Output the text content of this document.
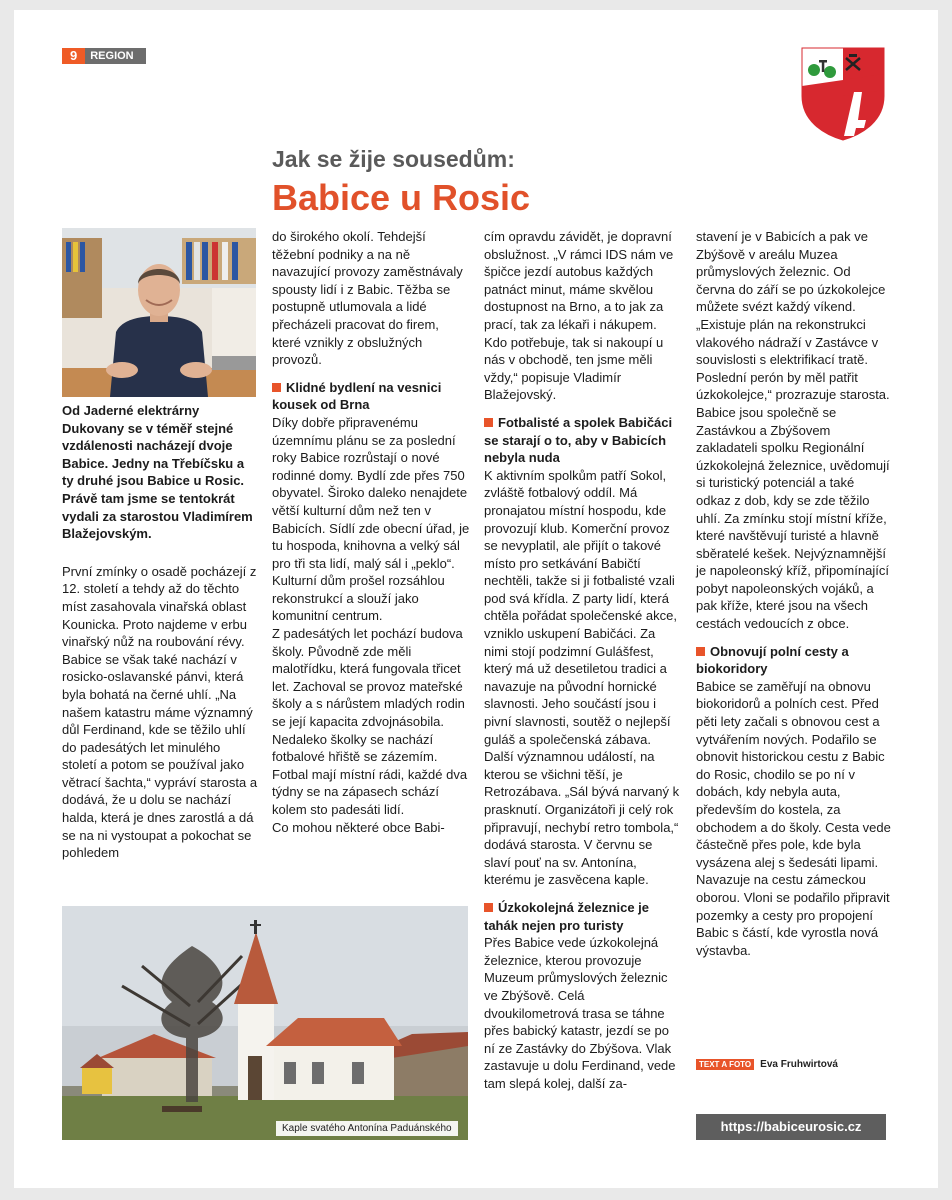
9	REGION
Jak se žije sousedům:
Babice u Rosic

Od Jaderné elektrárny Dukovany se v téměř stejné vzdálenosti nacházejí dvoje Babice. Jedny na Třebíčsku a ty druhé jsou Babice u Rosic. Právě tam jsme se tentokrát vydali za starostou Vladimírem Blažejovským.

První zmínky o osadě pocházejí z 12. století a tehdy až do těchto míst zasahovala vinařská oblast Kounicka. Proto najdeme v erbu vinařský nůž na roubování révy. Babice se však také nachází v rosicko-oslavanské pánvi, která byla bohatá na černé uhlí. „Na našem katastru máme významný důl Ferdinand, kde se těžilo uhlí do padesátých let minulého století a potom se používal jako větrací šachta,“ vypráví starosta a dodává, že u dolu se nachází halda, která je dnes zarostlá a dá se na ni vystoupat a pokochat se pohledem

do širokého okolí. Tehdejší těžební podniky a na ně navazující provozy zaměstnávaly spousty lidí i z Babic. Těžba se postupně utlumovala a lidé přecházeli pracovat do firem, které vznikly z obslužných provozů.

Klidné bydlení na vesnici kousek od Brna

Díky dobře připravenému územnímu plánu se za poslední roky Babice rozrůstají o nové rodinné domy. Bydlí zde přes 750 obyvatel. Široko daleko nenajdete větší kulturní dům než ten v Babicích. Sídlí zde obecní úřad, je tu hospoda, knihovna a velký sál pro tři sta lidí, malý sál i „peklo“. Kulturní dům prošel rozsáhlou rekonstrukcí a slouží jako komunitní centrum.

Z padesátých let pochází budova školy. Původně zde měli malotřídku, která fungovala třicet let. Zachoval se provoz mateřské školy a s nárůstem mladých rodin se její kapacita zdvojnásobila. Nedaleko školky se nachází fotbalové hřiště se zázemím. Fotbal mají místní rádi, každé dva týdny se na zápasech schází kolem sto padesáti lidí.

Co mohou některé obce Babi-

cím opravdu závidět, je dopravní obslužnost. „V rámci IDS nám ve špičce jezdí autobus každých patnáct minut, máme skvělou dostupnost na Brno, a to jak za prací, tak za lékaři i nákupem. Kdo potřebuje, tak si nakoupí u nás v obchodě, ten jsme měli vždy,“ popisuje Vladimír Blažejovský.

Fotbalisté a spolek Babičáci se starají o to, aby v Babicích nebyla nuda

K aktivním spolkům patří Sokol, zvláště fotbalový oddíl. Má pronajatou místní hospodu, kde provozují klub. Komerční provoz se nevyplatil, ale přijít o takové místo pro setkávání Babičtí nechtěli, takže si ji fotbalisté vzali pod svá křídla. Z party lidí, která chtěla pořádat společenské akce, vzniklo uskupení Babičáci. Za nimi stojí podzimní Gulášfest, který má už desetiletou tradici a navazuje na původní hornické slavnosti. Jeho součástí jsou i pivní slavnosti, soutěž o nejlepší guláš a společenská zábava. Další významnou událostí, na kterou se všichni těší, je Retrozábava. „Sál bývá narvaný k prasknutí. Organizátoři ji celý rok připravují, nechybí retro tombola,“ dodává starosta. V červnu se slaví pouť na sv. Antonína, kterému je zasvěcena kaple.

Úzkokolejná železnice je tahák nejen pro turisty

Přes Babice vede úzkokolejná železnice, kterou provozuje Muzeum průmyslových železnic ve Zbýšově. Celá dvoukilometrová trasa se táhne přes babický katastr, jezdí se po ní ze Zastávky do Zbýšova. Vlak zastavuje u dolu Ferdinand, vede tam slepá kolej, další za-

stavení je v Babicích a pak ve Zbýšově v areálu Muzea průmyslových železnic. Od června do září se po úzkokolejce můžete svézt každý víkend. „Existuje plán na rekonstrukci vlakového nádraží v Zastávce v souvislosti s elektrifikací tratě. Poslední perón by měl patřit úzkokolejce,“ prozrazuje starosta. Babice jsou společně se Zastávkou a Zbýšovem zakladateli spolku Regionální úzkokolejná železnice, uvědomují si turistický potenciál a také odkaz z dob, kdy se zde těžilo uhlí. Za zmínku stojí místní kříže, které navštěvují turisté a hlavně sběratelé kešek. Nejvýznamnější je napoleonský kříž, připomínající pobyt napoleonských vojáků, a pak kříže, které jsou na všech cestách vedoucích z obce.

Obnovují polní cesty a biokoridory

Babice se zaměřují na obnovu biokoridorů a polních cest. Před pěti lety začali s obnovou cest a vytvářením nových. Podařilo se obnovit historickou cestu z Babic do Rosic, chodilo se po ní v dobách, kdy nebyla auta, především do kostela, za obchodem a do školy. Cesta vede částečně přes pole, kde byla vysázena alej s šedesáti lipami. Navazuje na cestu zámeckou oborou. Vloni se podařilo připravit pozemky a cesty pro propojení Babic s částí, kde vyrostla nová výstavba.

Kaple svatého Antonína Paduánského
TEXT A FOTO Eva Fruhwirtová
https://babiceurosic.cz
